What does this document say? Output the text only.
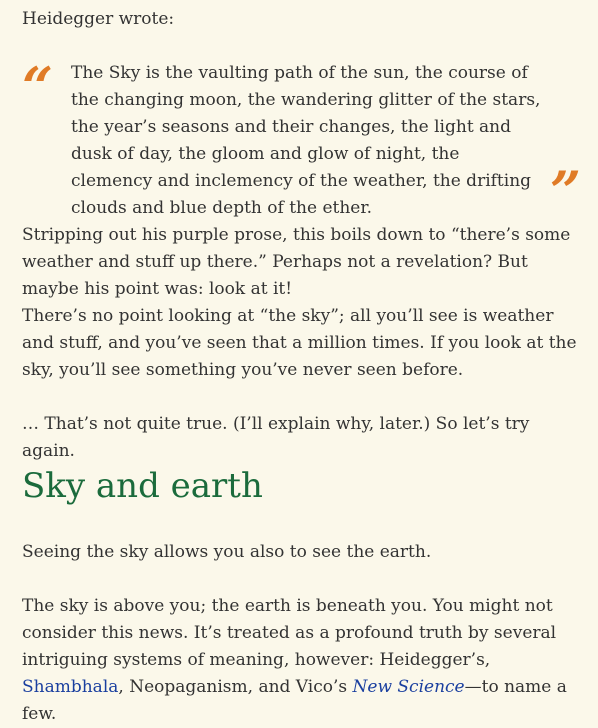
Heidegger wrote:

“ The Sky is the vaulting path of the sun, the course of the changing moon, the wandering glitter of the stars, the year’s seasons and their changes, the light and dusk of day, the gloom and glow of night, the clemency and inclemency of the weather, the drifting clouds and blue depth of the ether.	”

Stripping out his purple prose, this boils down to “there’s some weather and stuff up there.” Perhaps not a revelation? But maybe his point was: look at it!

There’s no point looking at “the sky”; all you’ll see is weather and stuff, and you’ve seen that a million times. If you look at the sky, you’ll see something you’ve never seen before.

… That’s not quite true. (I’ll explain why, later.) So let’s try again.

Sky and earth

Seeing the sky allows you also to see the earth.

The sky is above you; the earth is beneath you. You might not consider this news. It’s treated as a profound truth by several intriguing systems of meaning, however: Heidegger’s, Shambhala, Neopaganism, and Vico’s New Science—to name a few.
